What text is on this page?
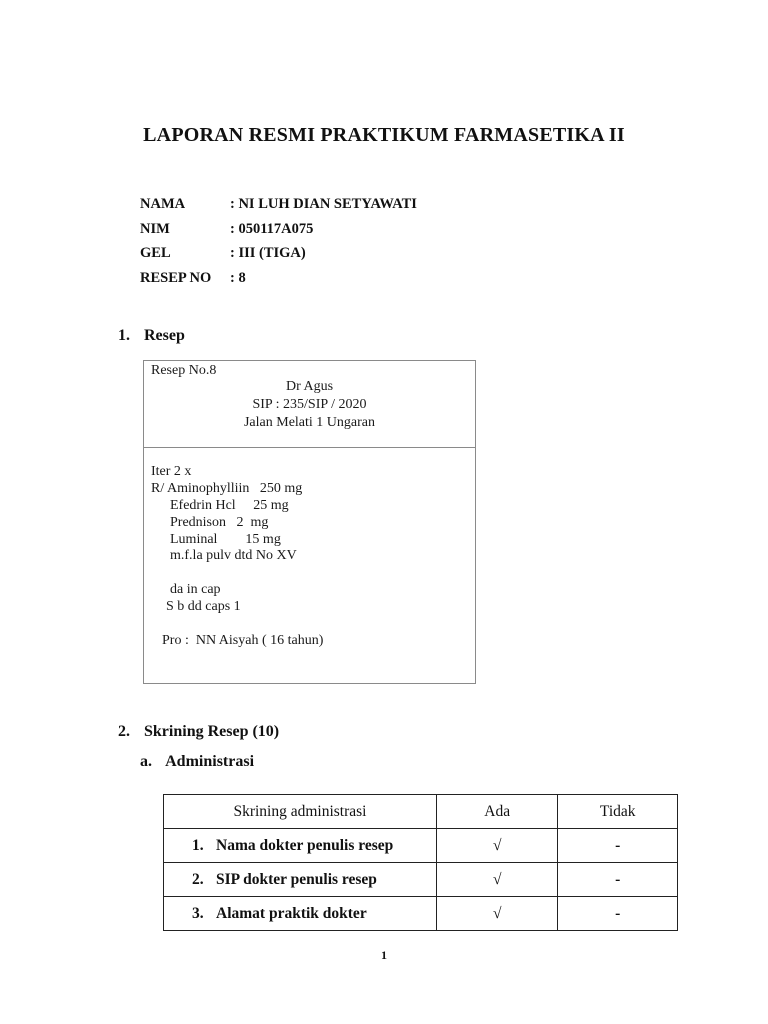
LAPORAN RESMI PRAKTIKUM FARMASETIKA II
NAMA	: NI LUH DIAN SETYAWATI
NIM	: 050117A075
GEL	: III (TIGA)
RESEP NO	: 8
1. Resep
Resep No.8
Dr Agus
SIP : 235/SIP / 2020
Jalan Melati 1 Ungaran
Iter 2 x
R/ Aminophylliin   250 mg
Efedrin Hcl     25 mg
Prednison   2  mg
Luminal        15 mg
m.f.la pulv dtd No XV
da in cap
S b dd caps 1
Pro :  NN Aisyah ( 16 tahun)
2. Skrining Resep (10)
a. Administrasi
Skrining administrasi	Ada	Tidak
1. Nama dokter penulis resep	√	-
2. SIP dokter penulis resep	√	-
3. Alamat praktik dokter	√	-
1
